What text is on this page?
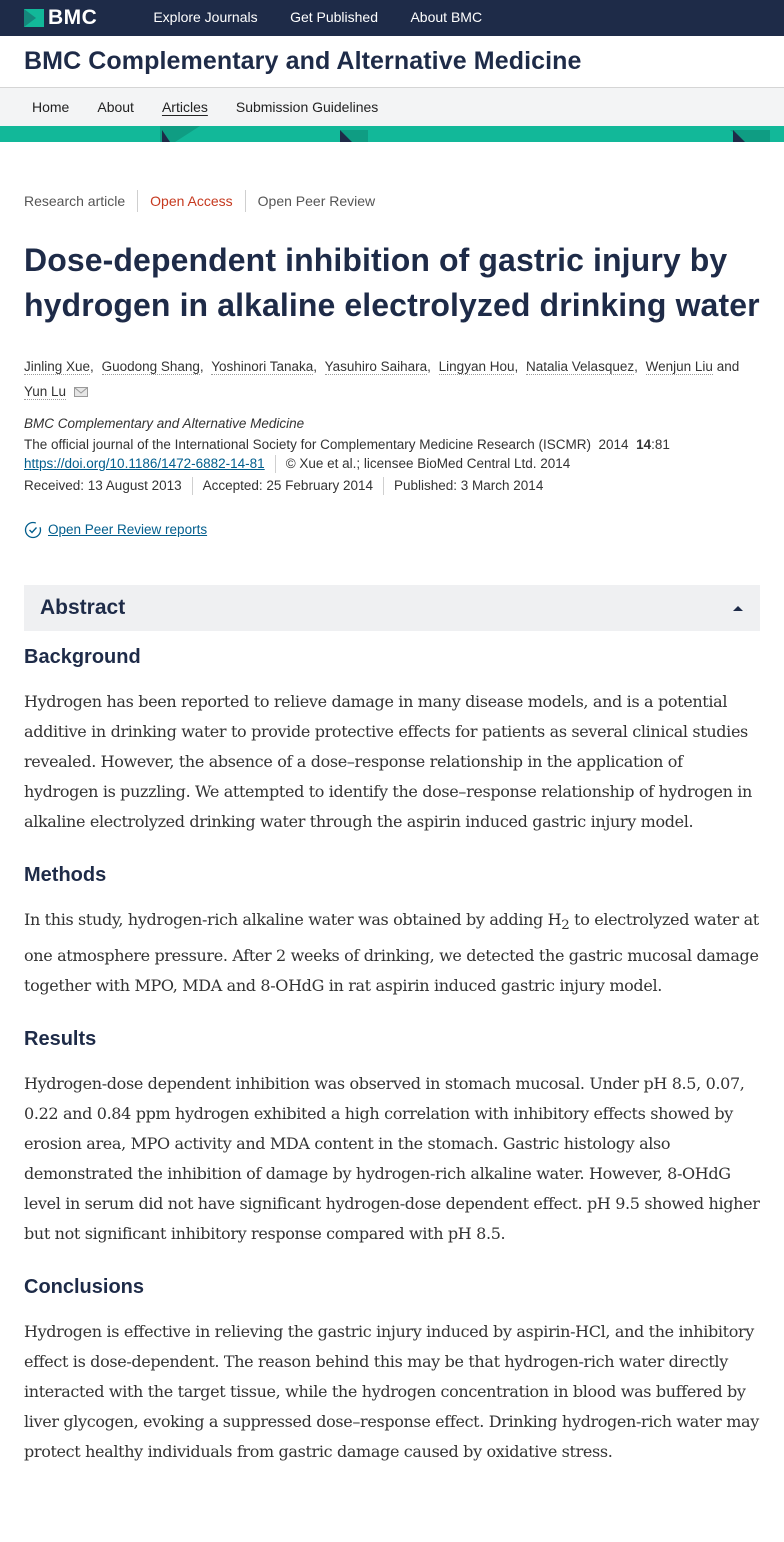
BMC	Explore Journals Get Published About BMC
BMC Complementary and Alternative Medicine
Home About Articles Submission Guidelines
Research article	Open Access	Open Peer Review
Dose-dependent inhibition of gastric injury by hydrogen in alkaline electrolyzed drinking water
Jinling Xue, Guodong Shang, Yoshinori Tanaka, Yasuhiro Saihara, Lingyan Hou, Natalia Velasquez, Wenjun Liu and
Yun Lu
BMC Complementary and Alternative Medicine
The official journal of the International Society for Complementary Medicine Research (ISCMR) 2014 14:81
https://doi.org/10.1186/1472-6882-14-81	© Xue et al.; licensee BioMed Central Ltd. 2014
Received: 13 August 2013	Accepted: 25 February 2014	Published: 3 March 2014
Open Peer Review reports
Abstract
Background

Hydrogen has been reported to relieve damage in many disease models, and is a potential additive in drinking water to provide protective effects for patients as several clinical studies revealed. However, the absence of a dose–response relationship in the application of hydrogen is puzzling. We attempted to identify the dose–response relationship of hydrogen in alkaline electrolyzed drinking water through the aspirin induced gastric injury model.

Methods

In this study, hydrogen-rich alkaline water was obtained by adding $H_2$ to electrolyzed water at one atmosphere pressure. After 2 weeks of drinking, we detected the gastric mucosal damage together with MPO, MDA and 8-OHdG in rat aspirin induced gastric injury model.

Results

Hydrogen-dose dependent inhibition was observed in stomach mucosal. Under pH 8.5, 0.07, 0.22 and 0.84 ppm hydrogen exhibited a high correlation with inhibitory effects showed by erosion area, MPO activity and MDA content in the stomach. Gastric histology also demonstrated the inhibition of damage by hydrogen-rich alkaline water. However, 8-OHdG level in serum did not have significant hydrogen-dose dependent effect. pH 9.5 showed higher but not significant inhibitory response compared with pH 8.5.

Conclusions

Hydrogen is effective in relieving the gastric injury induced by aspirin-HCl, and the inhibitory effect is dose-dependent. The reason behind this may be that hydrogen-rich water directly interacted with the target tissue, while the hydrogen concentration in blood was buffered by liver glycogen, evoking a suppressed dose–response effect. Drinking hydrogen-rich water may protect healthy individuals from gastric damage caused by oxidative stress.
